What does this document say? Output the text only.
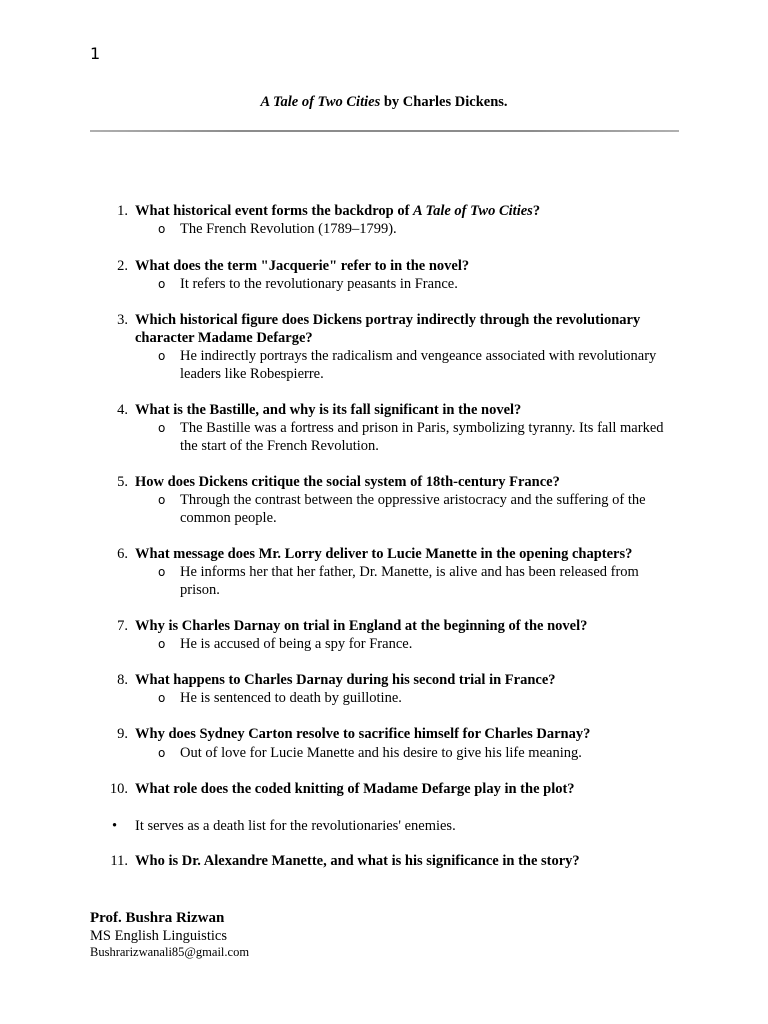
1
A Tale of Two Cities by Charles Dickens.
1. What historical event forms the backdrop of A Tale of Two Cities?
o The French Revolution (1789–1799).
2. What does the term "Jacquerie" refer to in the novel?
o It refers to the revolutionary peasants in France.
3. Which historical figure does Dickens portray indirectly through the revolutionary character Madame Defarge?
o He indirectly portrays the radicalism and vengeance associated with revolutionary leaders like Robespierre.
4. What is the Bastille, and why is its fall significant in the novel?
o The Bastille was a fortress and prison in Paris, symbolizing tyranny. Its fall marked the start of the French Revolution.
5. How does Dickens critique the social system of 18th-century France?
o Through the contrast between the oppressive aristocracy and the suffering of the common people.
6. What message does Mr. Lorry deliver to Lucie Manette in the opening chapters?
o He informs her that her father, Dr. Manette, is alive and has been released from prison.
7. Why is Charles Darnay on trial in England at the beginning of the novel?
o He is accused of being a spy for France.
8. What happens to Charles Darnay during his second trial in France?
o He is sentenced to death by guillotine.
9. Why does Sydney Carton resolve to sacrifice himself for Charles Darnay?
o Out of love for Lucie Manette and his desire to give his life meaning.
10. What role does the coded knitting of Madame Defarge play in the plot?
• It serves as a death list for the revolutionaries' enemies.
11. Who is Dr. Alexandre Manette, and what is his significance in the story?
Prof. Bushra Rizwan
MS English Linguistics
Bushrarizwanali85@gmail.com
